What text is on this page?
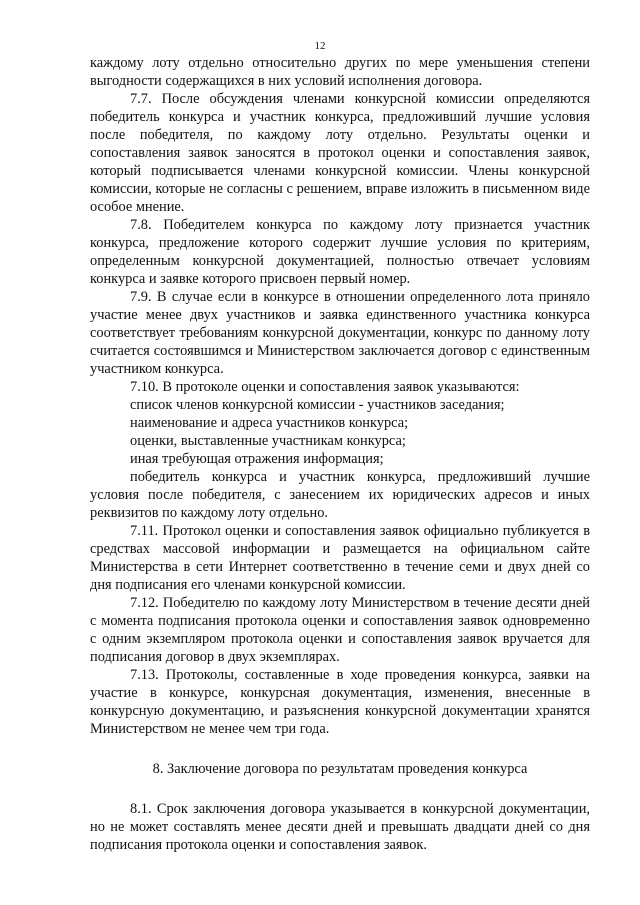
12

каждому лоту отдельно относительно других по мере уменьшения степени выгодности содержащихся в них условий исполнения договора.

7.7. После обсуждения членами конкурсной комиссии определяются победитель конкурса и участник конкурса, предложивший лучшие условия после победителя, по каждому лоту отдельно. Результаты оценки и сопоставления заявок заносятся в протокол оценки и сопоставления заявок, который подписывается членами конкурсной комиссии. Члены конкурсной комиссии, которые не согласны с решением, вправе изложить в письменном виде особое мнение.

7.8. Победителем конкурса по каждому лоту признается участник конкурса, предложение которого содержит лучшие условия по критериям, определенным конкурсной документацией, полностью отвечает условиям конкурса и заявке которого присвоен первый номер.

7.9. В случае если в конкурсе в отношении определенного лота приняло участие менее двух участников и заявка единственного участника конкурса соответствует требованиям конкурсной документации, конкурс по данному лоту считается состоявшимся и Министерством заключается договор с единственным участником конкурса.

7.10. В протоколе оценки и сопоставления заявок указываются:

список членов конкурсной комиссии - участников заседания;

наименование и адреса участников конкурса;

оценки, выставленные участникам конкурса;

иная требующая отражения информация;

победитель конкурса и участник конкурса, предложивший лучшие условия после победителя, с занесением их юридических адресов и иных реквизитов по каждому лоту отдельно.

7.11. Протокол оценки и сопоставления заявок официально публикуется в средствах массовой информации и размещается на официальном сайте Министерства в сети Интернет соответственно в течение семи и двух дней со дня подписания его членами конкурсной комиссии.

7.12. Победителю по каждому лоту Министерством в течение десяти дней с момента подписания протокола оценки и сопоставления заявок одновременно с одним экземпляром протокола оценки и сопоставления заявок вручается для подписания договор в двух экземплярах.

7.13. Протоколы, составленные в ходе проведения конкурса, заявки на участие в конкурсе, конкурсная документация, изменения, внесенные в конкурсную документацию, и разъяснения конкурсной документации хранятся Министерством не менее чем три года.

8. Заключение договора по результатам проведения конкурса

8.1. Срок заключения договора указывается в конкурсной документации, но не может составлять менее десяти дней и превышать двадцати дней со дня подписания протокола оценки и сопоставления заявок.
